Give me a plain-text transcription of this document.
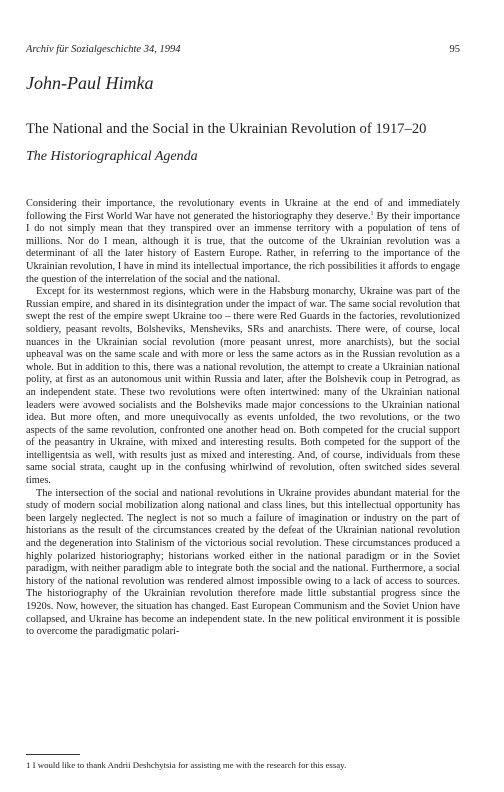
Archiv für Sozialgeschichte 34, 1994	95
John-Paul Himka
The National and the Social in the Ukrainian Revolution of 1917–20
The Historiographical Agenda

Considering their importance, the revolutionary events in Ukraine at the end of and immediately following the First World War have not generated the historiography they deserve.$^1$ By their importance I do not simply mean that they transpired over an immense territory with a population of tens of millions. Nor do I mean, although it is true, that the outcome of the Ukrainian revolution was a determinant of all the later history of Eastern Europe. Rather, in referring to the importance of the Ukrainian revolution, I have in mind its intellectual importance, the rich possibilities it affords to engage the question of the interrelation of the social and the national.

Except for its westernmost regions, which were in the Habsburg monarchy, Ukraine was part of the Russian empire, and shared in its disintegration under the impact of war. The same social revolution that swept the rest of the empire swept Ukraine too – there were Red Guards in the factories, revolutionized soldiery, peasant revolts, Bolsheviks, Mensheviks, SRs and anarchists. There were, of course, local nuances in the Ukrainian social revolution (more peasant unrest, more anarchists), but the social upheaval was on the same scale and with more or less the same actors as in the Russian revolution as a whole. But in addition to this, there was a national revolution, the attempt to create a Ukrainian national polity, at first as an autonomous unit within Russia and later, after the Bolshevik coup in Petrograd, as an independent state. These two revolutions were often intertwined: many of the Ukrainian national leaders were avowed socialists and the Bolsheviks made major concessions to the Ukrainian national idea. But more often, and more unequivocally as events unfolded, the two revolutions, or the two aspects of the same revolution, confronted one another head on. Both competed for the crucial support of the peasantry in Ukraine, with mixed and interesting results. Both competed for the support of the intelligentsia as well, with results just as mixed and interesting. And, of course, individuals from these same social strata, caught up in the confusing whirlwind of revolution, often switched sides several times.

The intersection of the social and national revolutions in Ukraine provides abundant material for the study of modern social mobilization along national and class lines, but this intellectual opportunity has been largely neglected. The neglect is not so much a failure of imagination or industry on the part of historians as the result of the circumstances created by the defeat of the Ukrainian national revolution and the degeneration into Stalinism of the victorious social revolution. These circumstances produced a highly polarized historiography; historians worked either in the national paradigm or in the Soviet paradigm, with neither paradigm able to integrate both the social and the national. Furthermore, a social history of the national revolution was rendered almost impossible owing to a lack of access to sources. The historiography of the Ukrainian revolution therefore made little substantial progress since the 1920s. Now, however, the situation has changed. East European Communism and the Soviet Union have collapsed, and Ukraine has become an independent state. In the new political environment it is possible to overcome the paradigmatic polari-

1 I would like to thank Andrii Deshchytsia for assisting me with the research for this essay.
